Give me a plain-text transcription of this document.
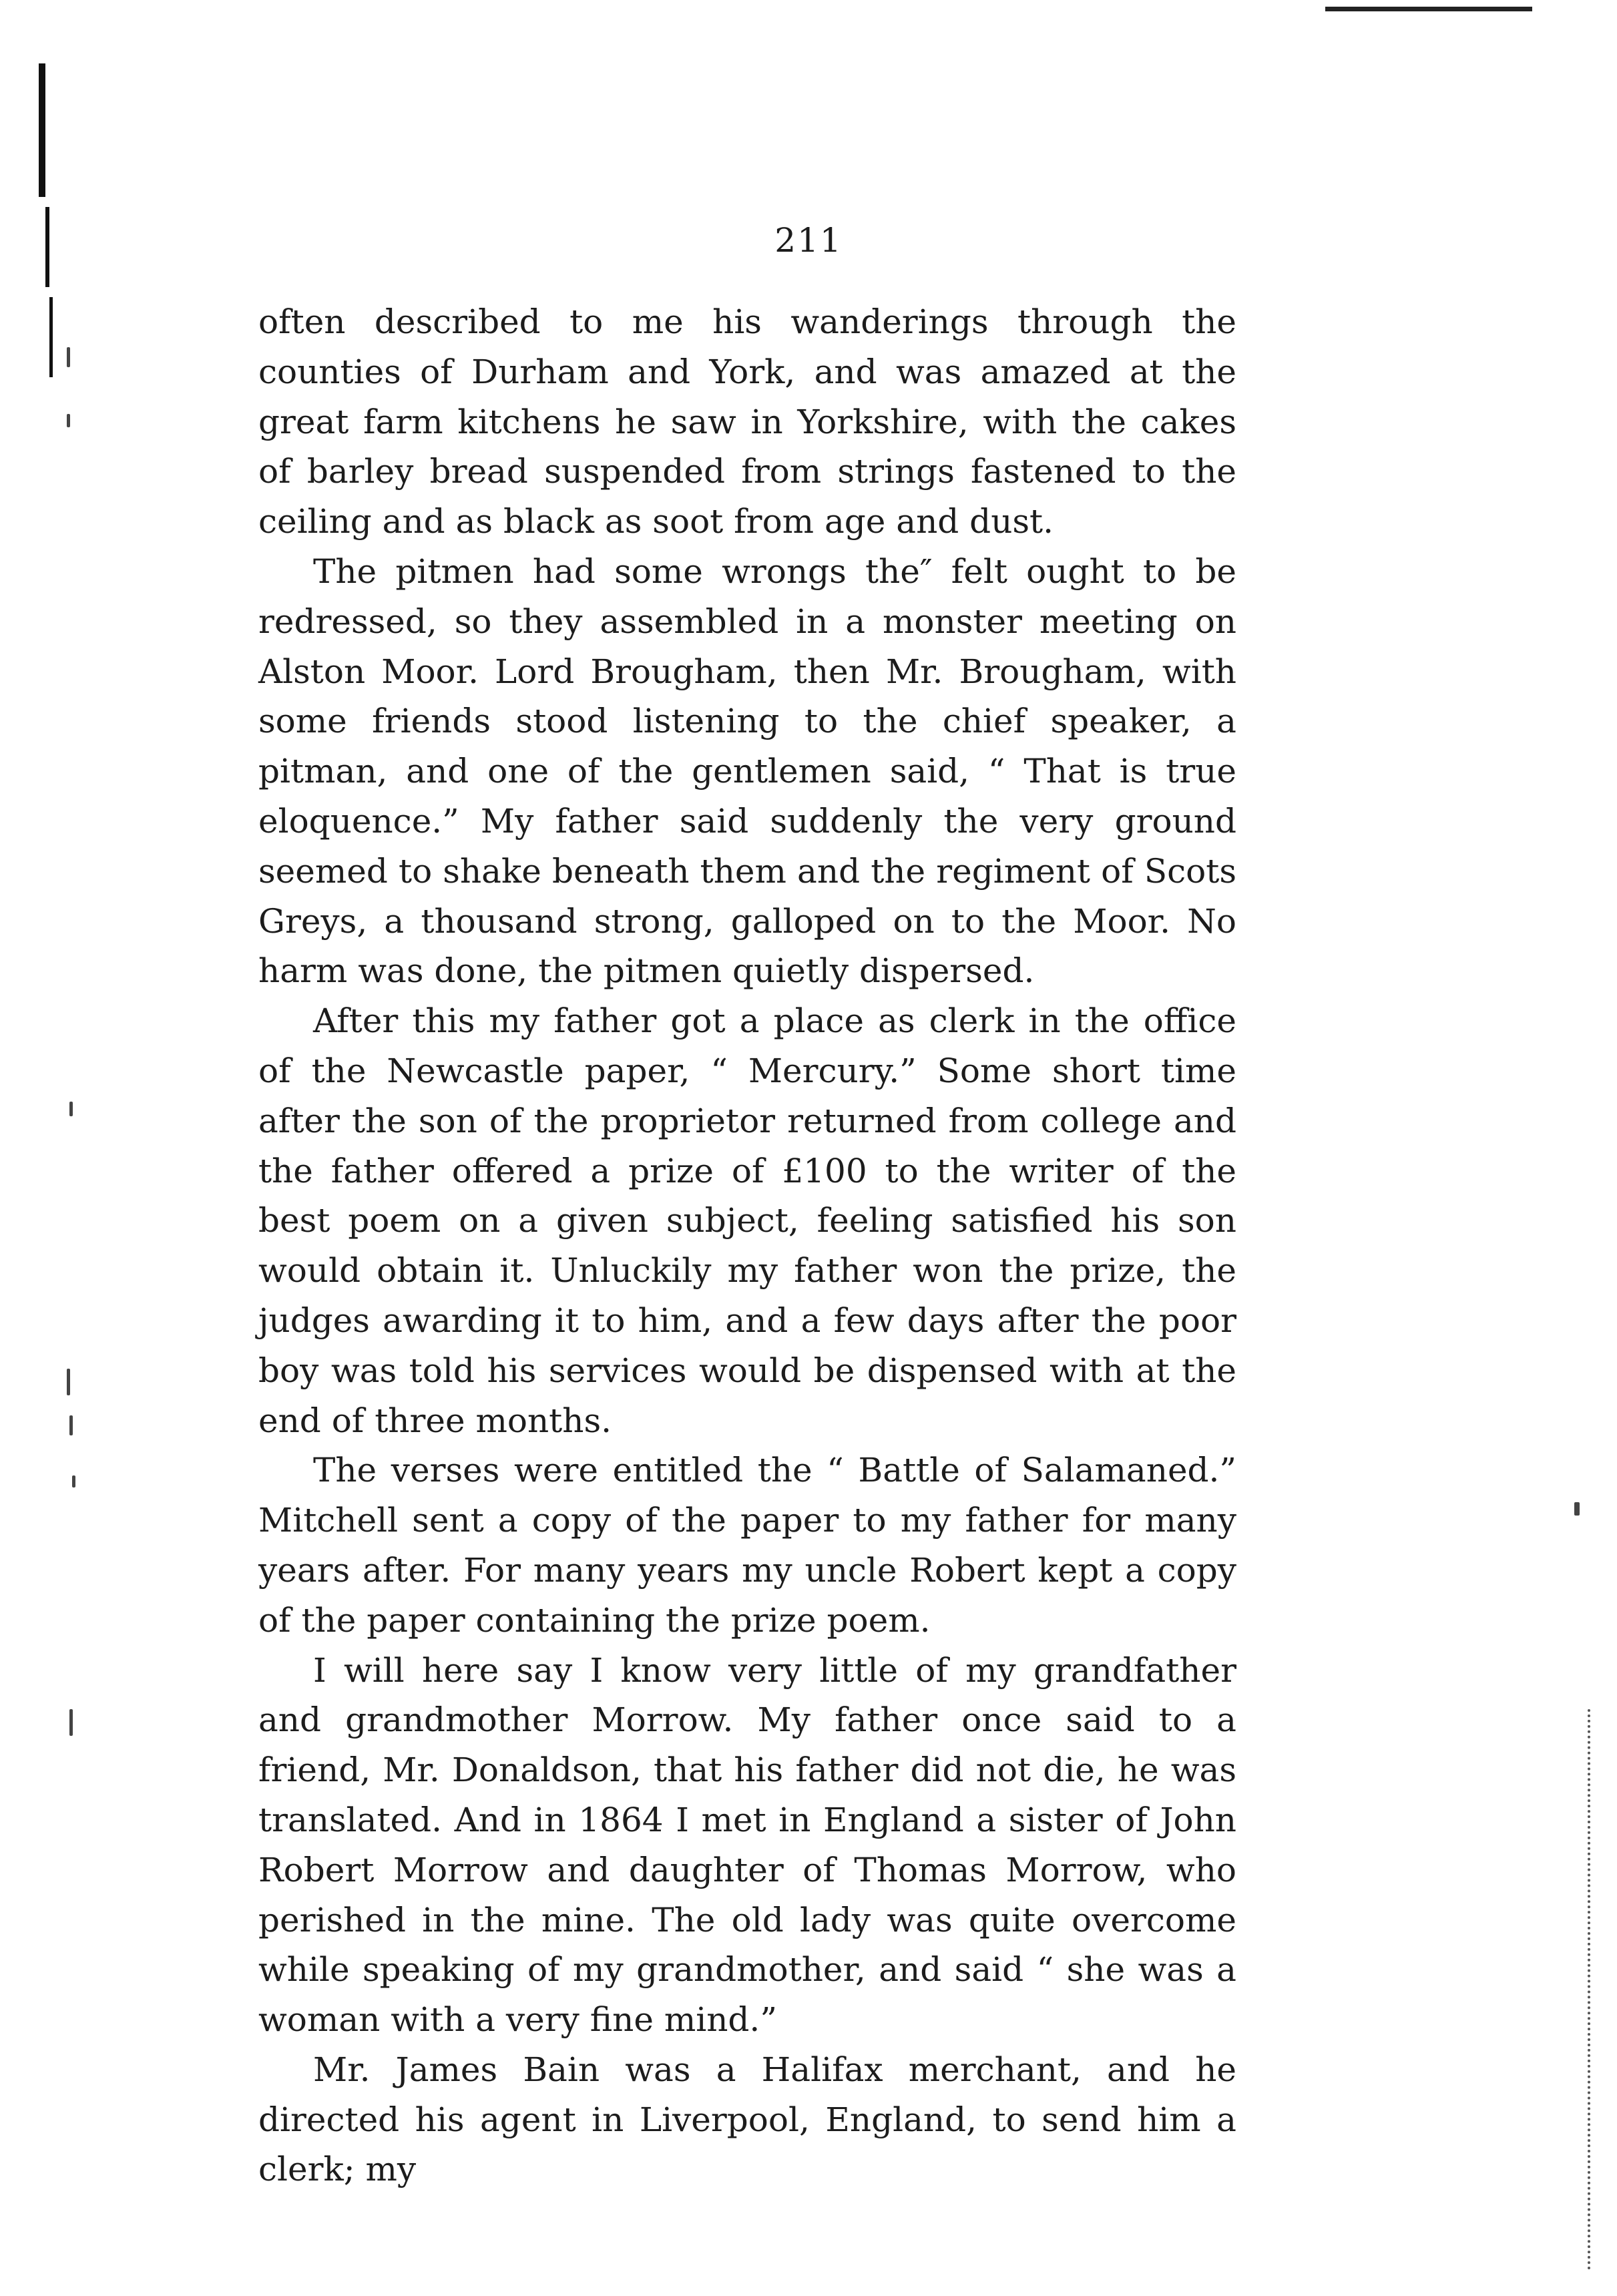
211

often described to me his wanderings through the counties of Durham and York, and was amazed at the great farm kitchens he saw in Yorkshire, with the cakes of barley bread suspended from strings fastened to the ceiling and as black as soot from age and dust.

The pitmen had some wrongs the″ felt ought to be redressed, so they assembled in a monster meeting on Alston Moor. Lord Brougham, then Mr. Brougham, with some friends stood listening to the chief speaker, a pitman, and one of the gentlemen said, “ That is true eloquence.” My father said suddenly the very ground seemed to shake beneath them and the regiment of Scots Greys, a thousand strong, galloped on to the Moor. No harm was done, the pitmen quietly dispersed.

After this my father got a place as clerk in the office of the Newcastle paper, “ Mercury.” Some short time after the son of the proprietor returned from college and the father offered a prize of £100 to the writer of the best poem on a given subject, feeling satisfied his son would obtain it. Unluckily my father won the prize, the judges awarding it to him, and a few days after the poor boy was told his services would be dispensed with at the end of three months.

The verses were entitled the “ Battle of Salamaned.” Mitchell sent a copy of the paper to my father for many years after. For many years my uncle Robert kept a copy of the paper containing the prize poem.

I will here say I know very little of my grandfather and grandmother Morrow. My father once said to a friend, Mr. Donaldson, that his father did not die, he was translated. And in 1864 I met in England a sister of John Robert Morrow and daughter of Thomas Morrow, who perished in the mine. The old lady was quite overcome while speaking of my grandmother, and said “ she was a woman with a very fine mind.”

Mr. James Bain was a Halifax merchant, and he directed his agent in Liverpool, England, to send him a clerk; my
